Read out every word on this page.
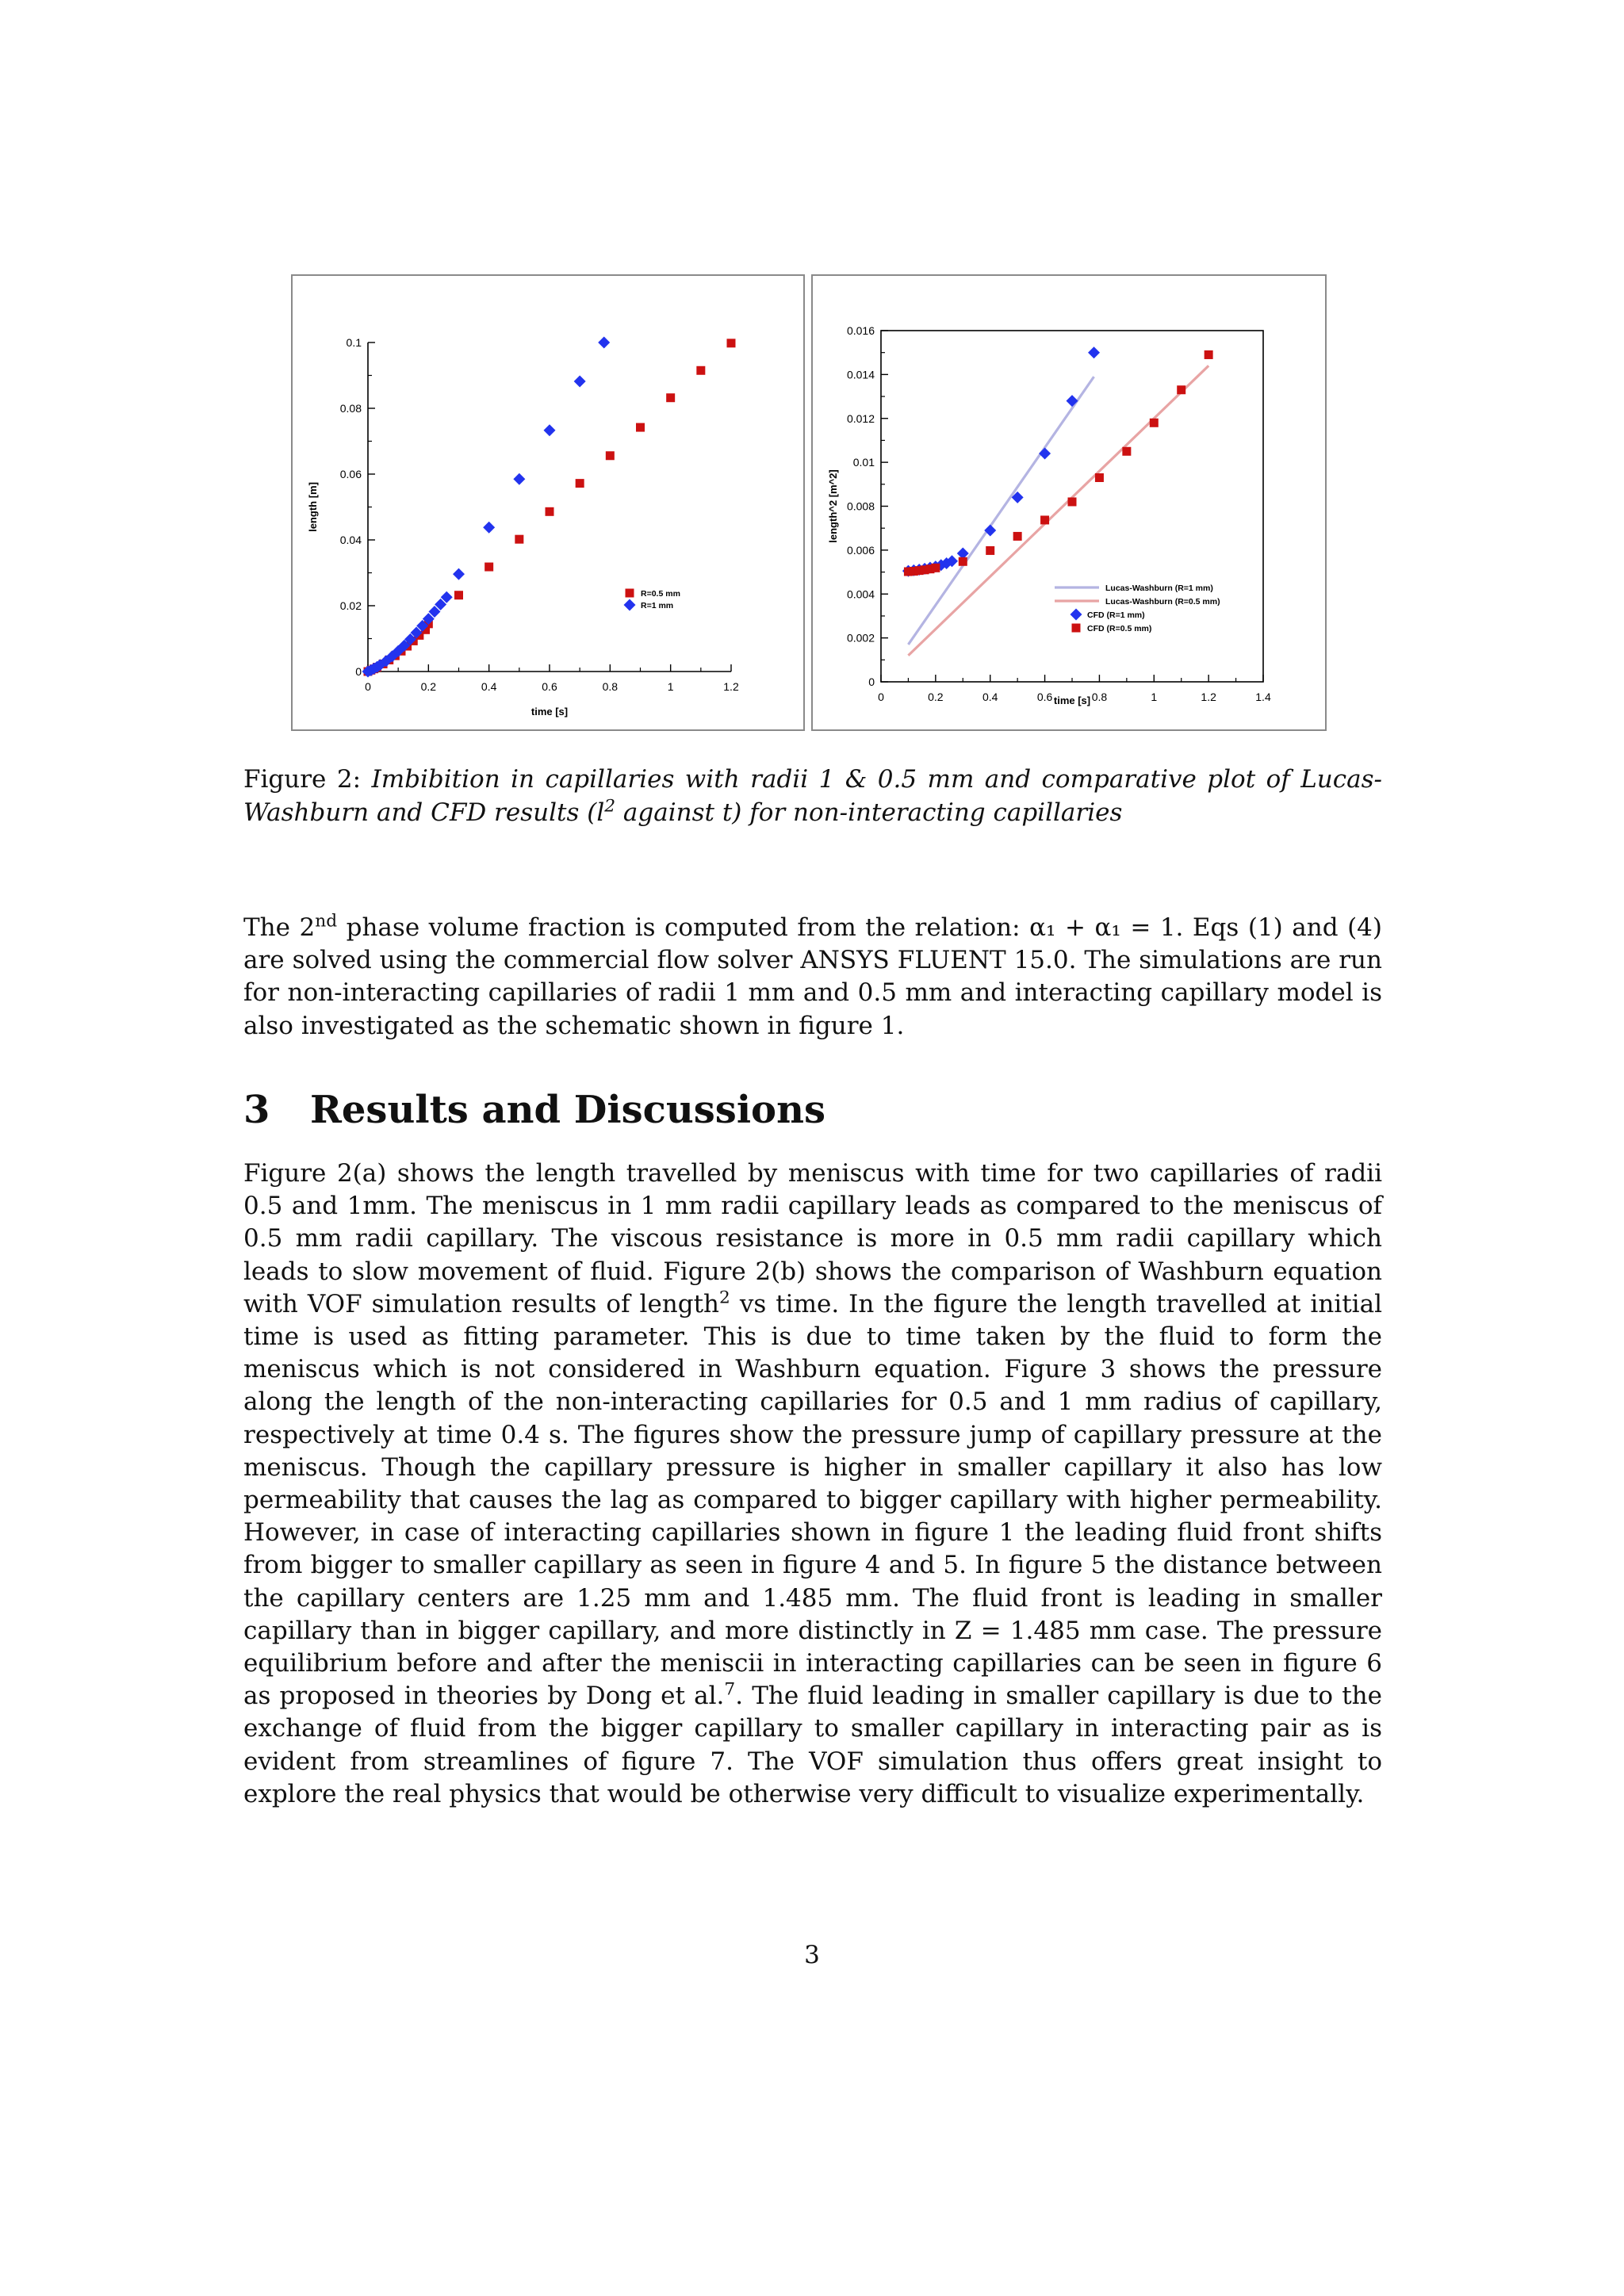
0	0.2	0.4	0.6	0.8	1	1.2
0
0.02
0.04
0.06
0.08
0.1
time [s]
length [m]
R=0.5 mm
R=1 mm
0	0.2	0.4	0.6	0.8	1	1.2	1.4
0
0.002
0.004
0.006
0.008
0.01
0.012
0.014
0.016
time [s]
length^2 [m^2]
Lucas-Washburn (R=1 mm)
Lucas-Washburn (R=0.5 mm)
CFD (R=1 mm)
CFD (R=0.5 mm)
Figure 2: Imbibition in capillaries with radii 1 & 0.5 mm and comparative plot of Lucas-Washburn and CFD results ($l^2$ against t) for non-interacting capillaries

The 2nd phase volume fraction is computed from the relation: α₁ + α₁ = 1. Eqs (1) and (4) are solved using the commercial flow solver ANSYS FLUENT 15.0. The simulations are run for non-interacting capillaries of radii 1 mm and 0.5 mm and interacting capillary model is also investigated as the schematic shown in figure 1.

3 Results and Discussions

Figure 2(a) shows the length travelled by meniscus with time for two capillaries of radii 0.5 and 1mm. The meniscus in 1 mm radii capillary leads as compared to the meniscus of 0.5 mm radii capillary. The viscous resistance is more in 0.5 mm radii capillary which leads to slow movement of fluid. Figure 2(b) shows the comparison of Washburn equation with VOF simulation results of length$^2$ vs time. In the figure the length travelled at initial time is used as fitting parameter. This is due to time taken by the fluid to form the meniscus which is not considered in Washburn equation. Figure 3 shows the pressure along the length of the non-interacting capillaries for 0.5 and 1 mm radius of capillary, respectively at time 0.4 s. The figures show the pressure jump of capillary pressure at the meniscus. Though the capillary pressure is higher in smaller capillary it also has low permeability that causes the lag as compared to bigger capillary with higher permeability. However, in case of interacting capillaries shown in figure 1 the leading fluid front shifts from bigger to smaller capillary as seen in figure 4 and 5. In figure 5 the distance between the capillary centers are 1.25 mm and 1.485 mm. The fluid front is leading in smaller capillary than in bigger capillary, and more distinctly in Z = 1.485 mm case. The pressure equilibrium before and after the meniscii in interacting capillaries can be seen in figure 6 as proposed in theories by Dong et al.$^7$. The fluid leading in smaller capillary is due to the exchange of fluid from the bigger capillary to smaller capillary in interacting pair as is evident from streamlines of figure 7. The VOF simulation thus offers great insight to explore the real physics that would be otherwise very difficult to visualize experimentally.

3
